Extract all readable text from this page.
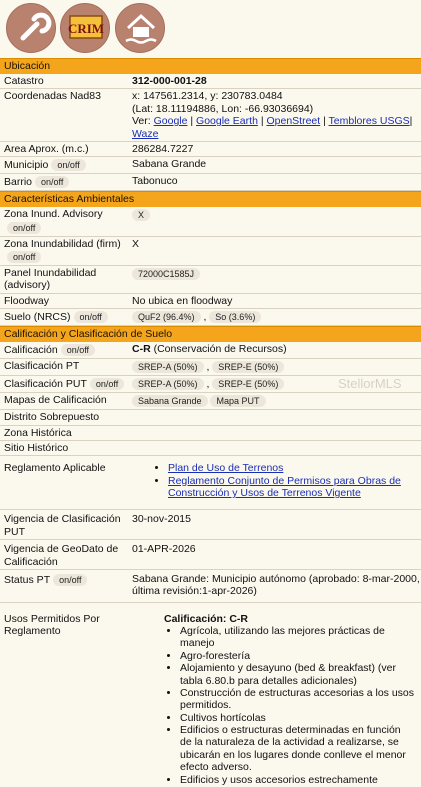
CRIM
Ubicación
Catastro	312-000-001-28
Coordenadas Nad83	x: 147561.2314, y: 230783.0484
(Lat: 18.11194886, Lon: -66.93036694)
Ver: Google | Google Earth | OpenStreet | Temblores USGS| Waze
Area Aprox. (m.c.)	286284.7227
Municipio on/off	Sabana Grande
Barrio on/off	Tabonuco
Características Ambientales
Zona Inund. Advisory
on/off
X
Zona Inundabilidad (firm)
on/off
X
Panel Inundabilidad (advisory)
72000C1585J
Floodway	No ubica en floodway
Suelo (NRCS) on/off	QuF2 (96.4%) , So (3.6%)
Calificación y Clasificación de Suelo
Calificación on/off	C-R (Conservación de Recursos)
Clasificación PT	SREP-A (50%) , SREP-E (50%)
Clasificación PUT on/off	SREP-A (50%) , SREP-E (50%)
Mapas de Calificación	Sabana Grande Mapa PUT
Distrito Sobrepuesto
Zona Histórica
Sitio Histórico
Reglamento Aplicable
•	Plan de Uso de Terrenos
• Reglamento Conjunto de Permisos para Obras de Construcción y Usos de Terrenos Vigente
Vigencia de Clasificación PUT
30-nov-2015
Vigencia de GeoDato de Calificación
01-APR-2026
Status PT on/off	Sabana Grande: Municipio autónomo (aprobado: 8-mar-2000, última revisión:1-apr-2026)
Usos Permitidos Por Reglamento
Calificación: C-R
• Agrícola, utilizando las mejores prácticas de manejo
• Agro-forestería
• Alojamiento y desayuno (bed & breakfast) (ver tabla 6.80.b para detalles adicionales)
• Construcción de estructuras accesorias a los usos permitidos.
• Cultivos hortícolas
• Edificios o estructuras determinadas en función de la naturaleza de la actividad a realizarse, se ubicarán en los lugares donde conlleve el menor efecto adverso.
• Edificios y usos accesorios estrechamente
StellorMLS
